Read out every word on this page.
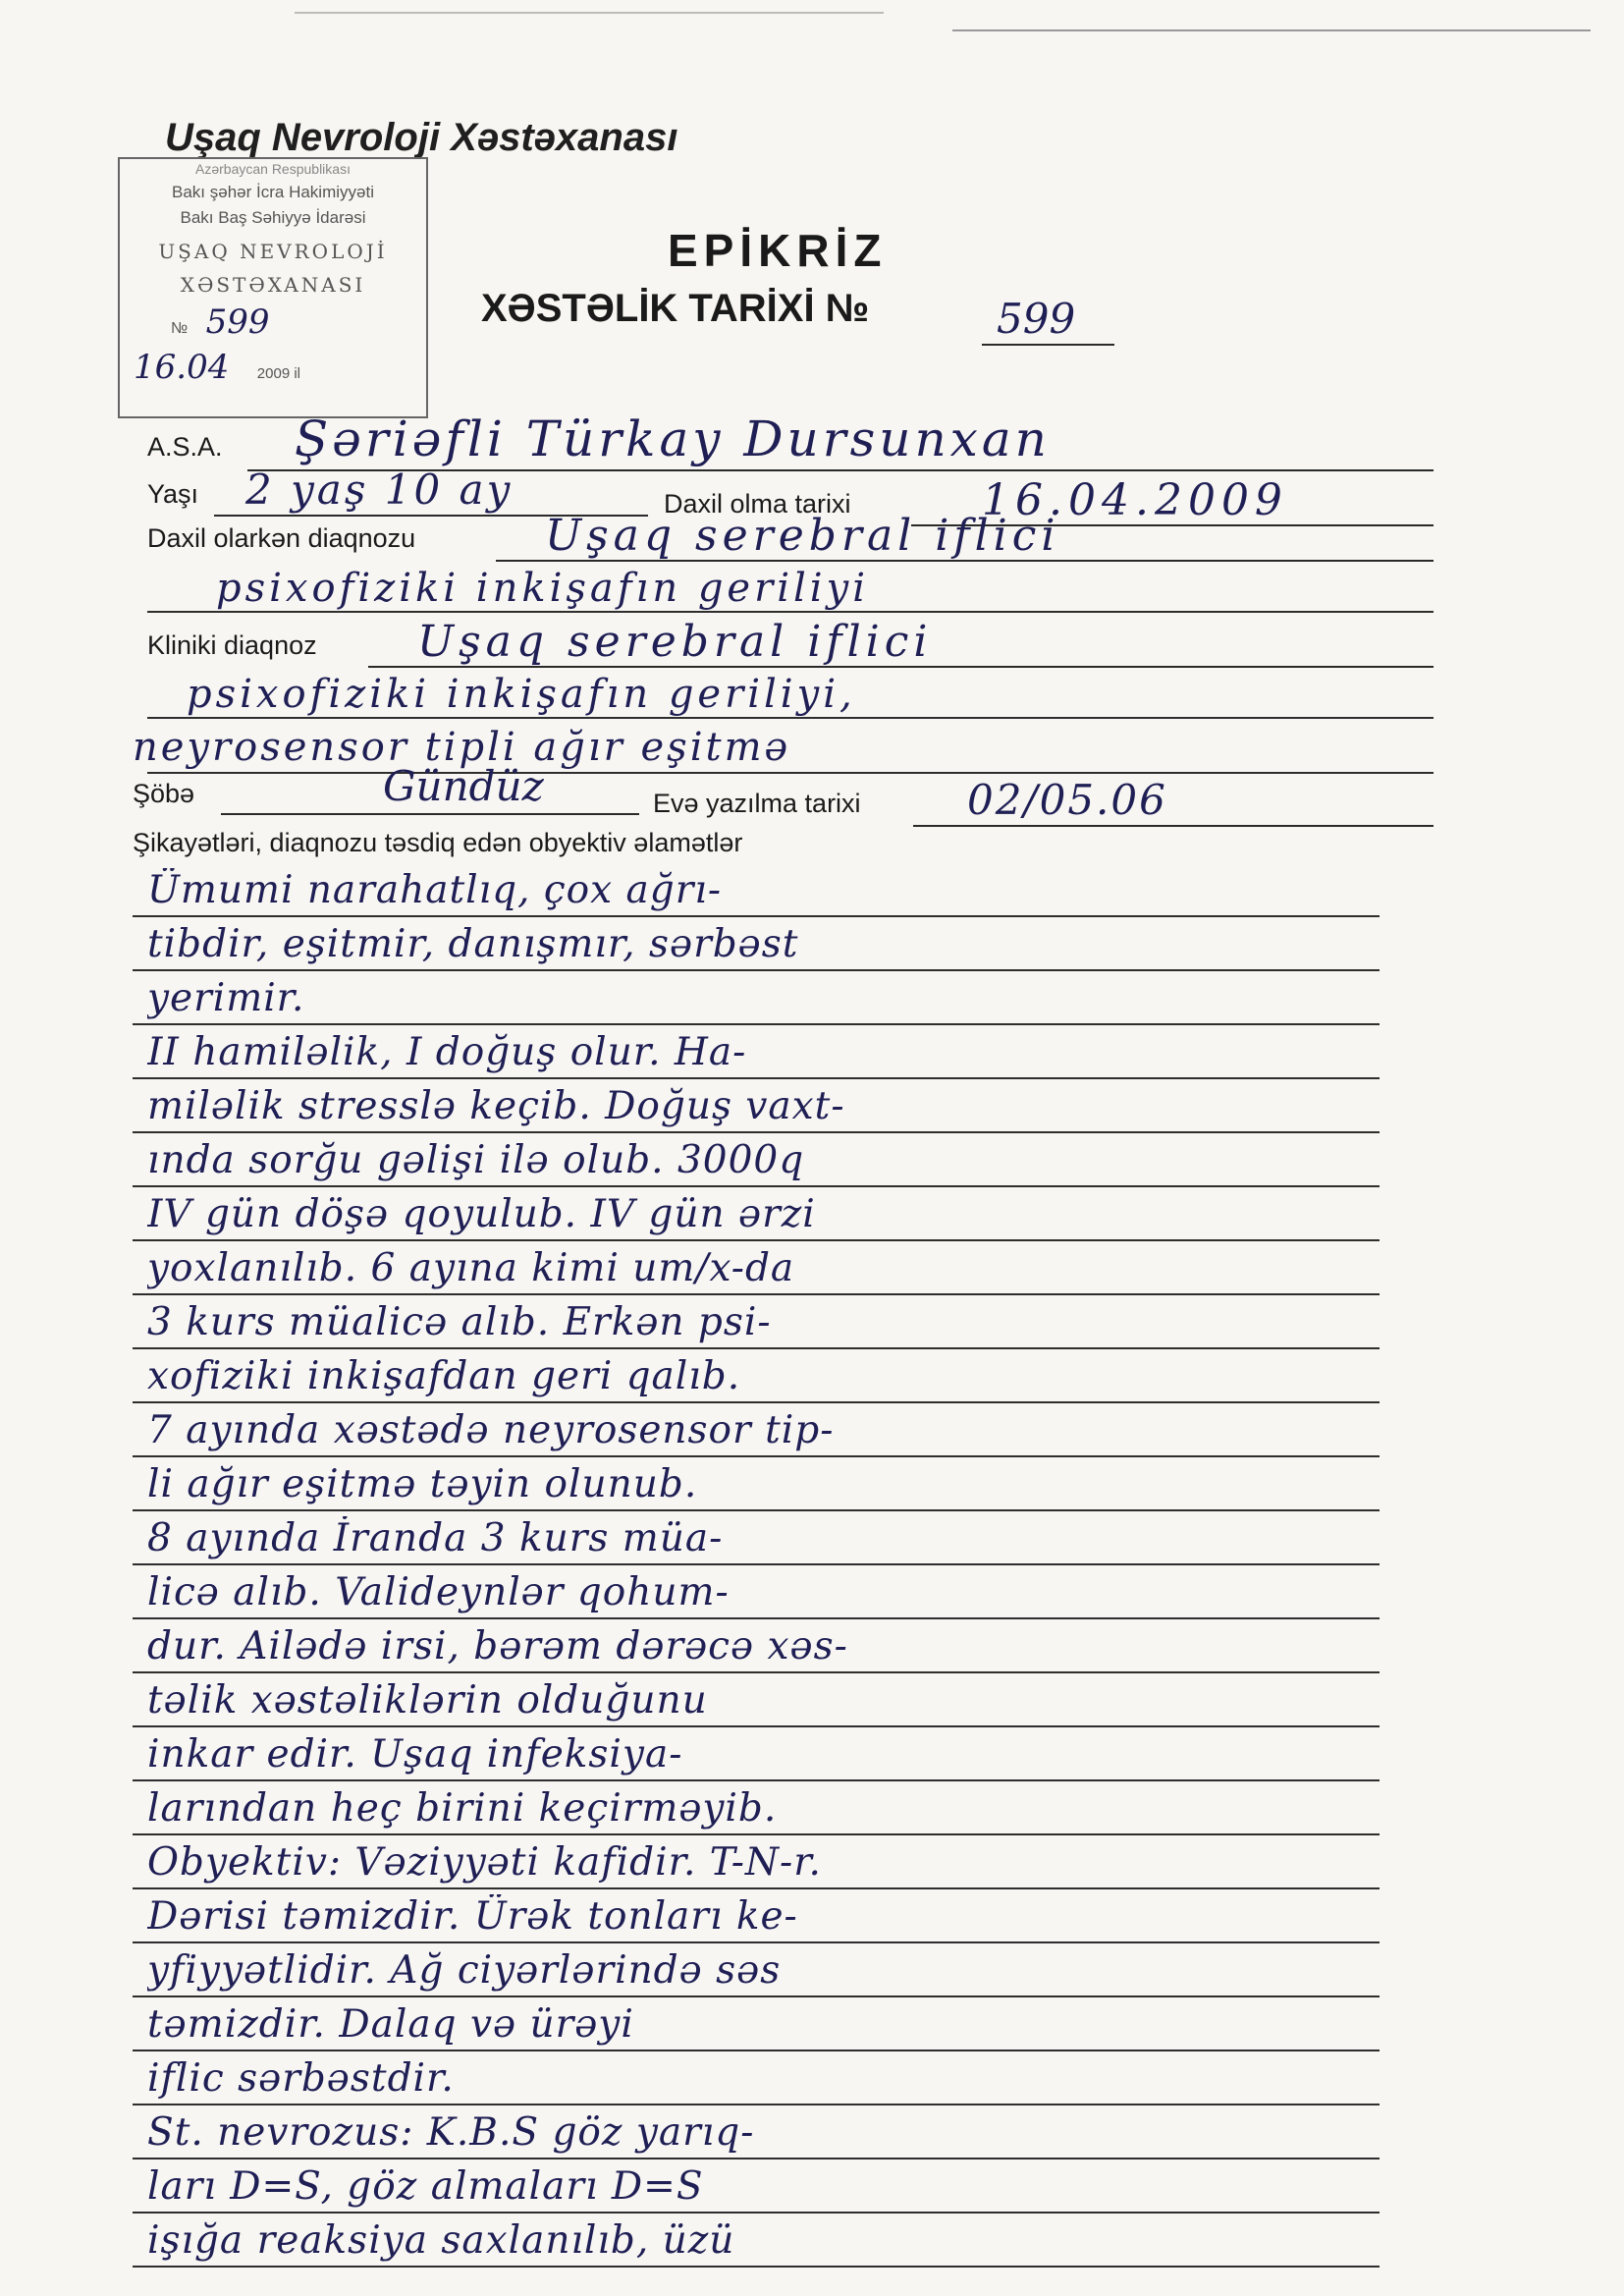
Uşaq Nevroloji Xəstəxanası
Azərbaycan Respublikası
Bakı şəhər İcra Hakimiyyəti
Bakı Baş Səhiyyə İdarəsi
UŞAQ NEVROLOJİ
XƏSTƏXANASI
№ 599
16.04 2009 il
EPİKRİZ
XƏSTƏLİK TARİXİ №	599
A.S.A. Şəriəfli Türkay Dursunxan
Yaşı 2 yaş 10 ay	Daxil olma tarixi	16.04.2009
Daxil olarkən diaqnozu	Uşaq serebral iflici
psixofiziki inkişafın geriliyi
Kliniki diaqnoz Uşaq serebral iflici
psixofiziki inkişafın geriliyi,
neyrosensor tipli ağır eşitmə
Şöbə	Gündüz	Evə yazılma tarixi	02/05.06
Şikayətləri, diaqnozu təsdiq edən obyektiv əlamətlər
Ümumi narahatlıq, çox ağrı-
tibdir, eşitmir, danışmır, sərbəst
yerimir.
II hamiləlik, I doğuş olur. Ha-
miləlik stresslə keçib. Doğuş vaxt-
ında sorğu gəlişi ilə olub. 3000q
IV gün döşə qoyulub. IV gün ərzi
yoxlanılıb. 6 ayına kimi um/x-da
3 kurs müalicə alıb. Erkən psi-
xofiziki inkişafdan geri qalıb.
7 ayında xəstədə neyrosensor tip-
li ağır eşitmə təyin olunub.
8 ayında İranda 3 kurs müa-
licə alıb. Valideynlər qohum-
dur. Ailədə irsi, bərəm dərəcə xəs-
təlik xəstəliklərin olduğunu
inkar edir. Uşaq infeksiya-
larından heç birini keçirməyib.
Obyektiv: Vəziyyəti kafidir. T-N-r.
Dərisi təmizdir. Ürək tonları ke-
yfiyyətlidir. Ağ ciyərlərində səs
təmizdir. Dalaq və ürəyi
iflic sərbəstdir.
St. nevrozus: K.B.S göz yarıq-
ları D=S, göz almaları D=S
işığa reaksiya saxlanılıb, üzü
